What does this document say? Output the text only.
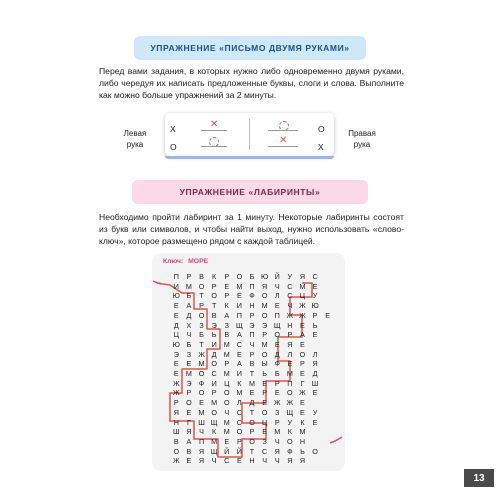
УПРАЖНЕНИЕ «ПИСЬМО ДВУМЯ РУКАМИ»
Перед вами задания, в которых нужно либо одновременно двумя руками, либо чередуя их написать предложенные буквы, слоги и слова. Выполните как можно больше упражнений за 2 минуты.
Левая
рука
Х
О
✕
✕
О
Х
Правая
рука
УПРАЖНЕНИЕ «ЛАБИРИНТЫ»
Необходимо пройти лабиринт за 1 минуту. Некоторые лабиринты состоят из букв или символов, и чтобы найти выход, нужно использовать «слово-ключ», которое размещено рядом с каждой таблицей.
Ключ: МОРЕ
П	Р	В	К	Р	О	Б Ю Й	У	Я	С
И М О	Р	Е	М П	Я	Ч	С М	Е
Ю Б	Т	О	Р	Е	Ф О	Л	С	Ц	У
Е	А	Р	Т	К	И	Н М	Е	Ч Ж Ю
Е	Д	О	В	А	П	Р	О	П Ж Ж Р	Е
Д	Х	З	Э	З Щ Э	Э Щ Н	Е	Ь
Ц	Ч	Б	Ь	В	А	П	Р	О	Р	А	Е
Ю Б	Т	И М С	Ч	М	Е	Я	Е
Э	З Ж Д М	Е	Р	О	Д	Л	О	Л
Е	Е	М О	Р	А	В Ы Ф	Е	Р	Я
Е	М О	С М И	Т	Ь	Б	М	Е	Д
Ж Э	Ф	И	Ц	К	М	Е	Р	П	Г	Ш
Ж Р	О	Р	О М	Е	Р	Е	О Ж Е
Р	О	Е	М О	Л	Д	Е Ж Ж Е
Я	Е	М О	Ч	С	Т	О	З Щ Е	У
Н	Г	Ш Щ М С	О Ц	Р	У	К	Е
Ш Я	Ч	К	М О	Р	Е	М	К	М
В	А	П М	Е	Р	О	З	Ч	О	Н
О	В	Я Щ Й	Й	Т	С	Я	Ф	Ь	О
Ж Е	Я	Ч	С	Е	Н	Ч	Ч	Я	Я
13
